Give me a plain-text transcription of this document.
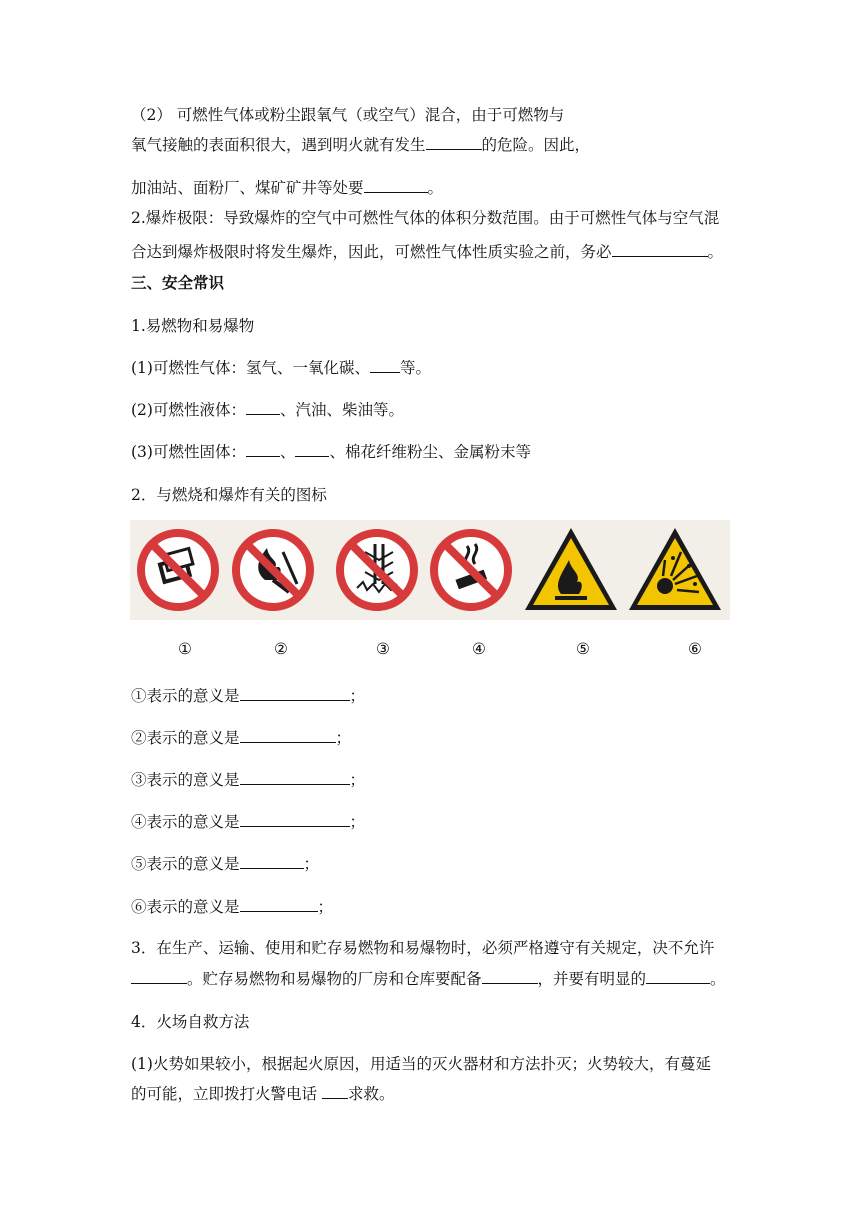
（2） 可燃性气体或粉尘跟氧气（或空气）混合，由于可燃物与
氧气接触的表面积很大，遇到明火就有发生	的危险。因此，
加油站、面粉厂、煤矿矿井等处要	。
2.爆炸极限：导致爆炸的空气中可燃性气体的体积分数范围。由于可燃性气体与空气混
合达到爆炸极限时将发生爆炸，因此，可燃性气体性质实验之前，务必	。
三、安全常识
1.易燃物和易爆物
(1)可燃性气体：氢气、一氧化碳、 等。
(2)可燃性液体： 、汽油、柴油等。
(3)可燃性固体： 、 、棉花纤维粉尘、金属粉末等
2．与燃烧和爆炸有关的图标
①	②	③	④	⑤	⑥
①表示的意义是	；
②表示的意义是	；
③表示的意义是	；
④表示的意义是	；
⑤表示的意义是	；
⑥表示的意义是	；
3．在生产、运输、使用和贮存易燃物和易爆物时，必须严格遵守有关规定，决不允许
。贮存易燃物和易爆物的厂房和仓库要配备	，并要有明显的	。
4．火场自救方法
(1)火势如果较小，根据起火原因，用适当的灭火器材和方法扑灭；火势较大，有蔓延
的可能，立即拨打火警电话 求救。
